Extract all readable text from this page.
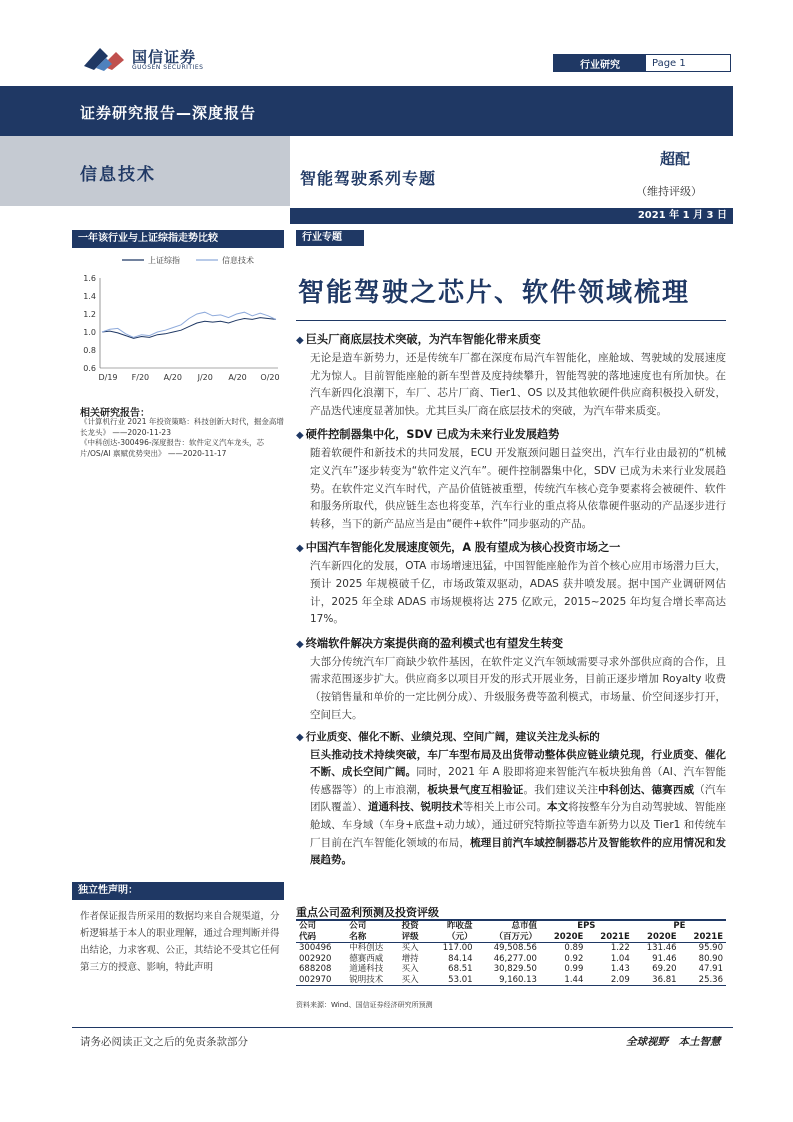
国信证券
GUOSEN SECURITIES	行业研究	Page 1
证券研究报告—深度报告
信息技术	智能驾驶系列专题
超配
（维持评级）
2021 年 1 月 3 日
一年该行业与上证综指走势比较
上证综指	信息技术
1.6
1.4
1.2
1.0
0.8
0.6
D/19 F/20 A/20 J/20 A/20 O/20
相关研究报告：
《计算机行业 2021 年投资策略：科技创新大时代，掘金高增长龙头》 ——2020-11-23
《中科创达-300496-深度报告：软件定义汽车龙头，芯片/OS/AI 禀赋优势突出》 ——2020-11-17
独立性声明：
作者保证报告所采用的数据均来自合规渠道，分析逻辑基于本人的职业理解，通过合理判断并得出结论，力求客观、公正，其结论不受其它任何第三方的授意、影响，特此声明
行业专题
智能驾驶之芯片、软件领域梳理
◆ 巨头厂商底层技术突破，为汽车智能化带来质变
无论是造车新势力，还是传统车厂都在深度布局汽车智能化，座舱域、驾驶域的发展速度尤为惊人。目前智能座舱的新车型普及度持续攀升，智能驾驶的落地速度也有所加快。在汽车新四化浪潮下，车厂、芯片厂商、Tier1、OS 以及其他软硬件供应商积极投入研发，产品迭代速度显著加快。尤其巨头厂商在底层技术的突破，为汽车带来质变。
◆ 硬件控制器集中化，SDV 已成为未来行业发展趋势
随着软硬件和新技术的共同发展，ECU 开发瓶颈问题日益突出，汽车行业由最初的“机械定义汽车”逐步转变为“软件定义汽车”。硬件控制器集中化，SDV 已成为未来行业发展趋势。在软件定义汽车时代，产品价值链被重塑，传统汽车核心竞争要素将会被硬件、软件和服务所取代，供应链生态也将变革，汽车行业的重点将从依靠硬件驱动的产品逐步进行转移，当下的新产品应当是由“硬件+软件”同步驱动的产品。
◆ 中国汽车智能化发展速度领先，A 股有望成为核心投资市场之一
汽车新四化的发展，OTA 市场增速迅猛，中国智能座舱作为首个核心应用市场潜力巨大，预计 2025 年规模破千亿，市场政策双驱动，ADAS 获井喷发展。据中国产业调研网估计，2025 年全球 ADAS 市场规模将达 275 亿欧元，2015~2025 年均复合增长率高达 17%。
◆ 终端软件解决方案提供商的盈利模式也有望发生转变
大部分传统汽车厂商缺少软件基因，在软件定义汽车领域需要寻求外部供应商的合作，且需求范围逐步扩大。供应商多以项目开发的形式开展业务，目前正逐步增加 Royalty 收费（按销售量和单价的一定比例分成）、升级服务费等盈利模式，市场量、价空间逐步打开，空间巨大。
◆ 行业质变、催化不断、业绩兑现、空间广阔，建议关注龙头标的
巨头推动技术持续突破，车厂车型布局及出货带动整体供应链业绩兑现，行业质变、催化不断、成长空间广阔。同时，2021 年 A 股即将迎来智能汽车板块独角兽（AI、汽车智能传感器等）的上市浪潮，板块景气度互相验证。我们建议关注中科创达、德赛西威（汽车团队覆盖）、道通科技、锐明技术等相关上市公司。本文将按整车分为自动驾驶域、智能座舱域、车身域（车身+底盘+动力域），通过研究特斯拉等造车新势力以及 Tier1 和传统车厂目前在汽车智能化领域的布局，梳理目前汽车域控制器芯片及智能软件的应用情况和发展趋势。
重点公司盈利预测及投资评级
公司	公司	投资	昨收盘	总市值	EPS		PE	
代码	名称	评级	（元）	（百万元）	2020E	2021E	2020E	2021E
300496	中科创达	买入	117.00	49,508.56	0.89	1.22	131.46	95.90
002920	德赛西威	增持	84.14	46,277.00	0.92	1.04	91.46	80.90
688208	道通科技	买入	68.51	30,829.50	0.99	1.43	69.20	47.91
002970	锐明技术	买入	53.01	9,160.13	1.44	2.09	36.81	25.36
资料来源：Wind、国信证券经济研究所预测
请务必阅读正文之后的免责条款部分	全球视野　本土智慧
